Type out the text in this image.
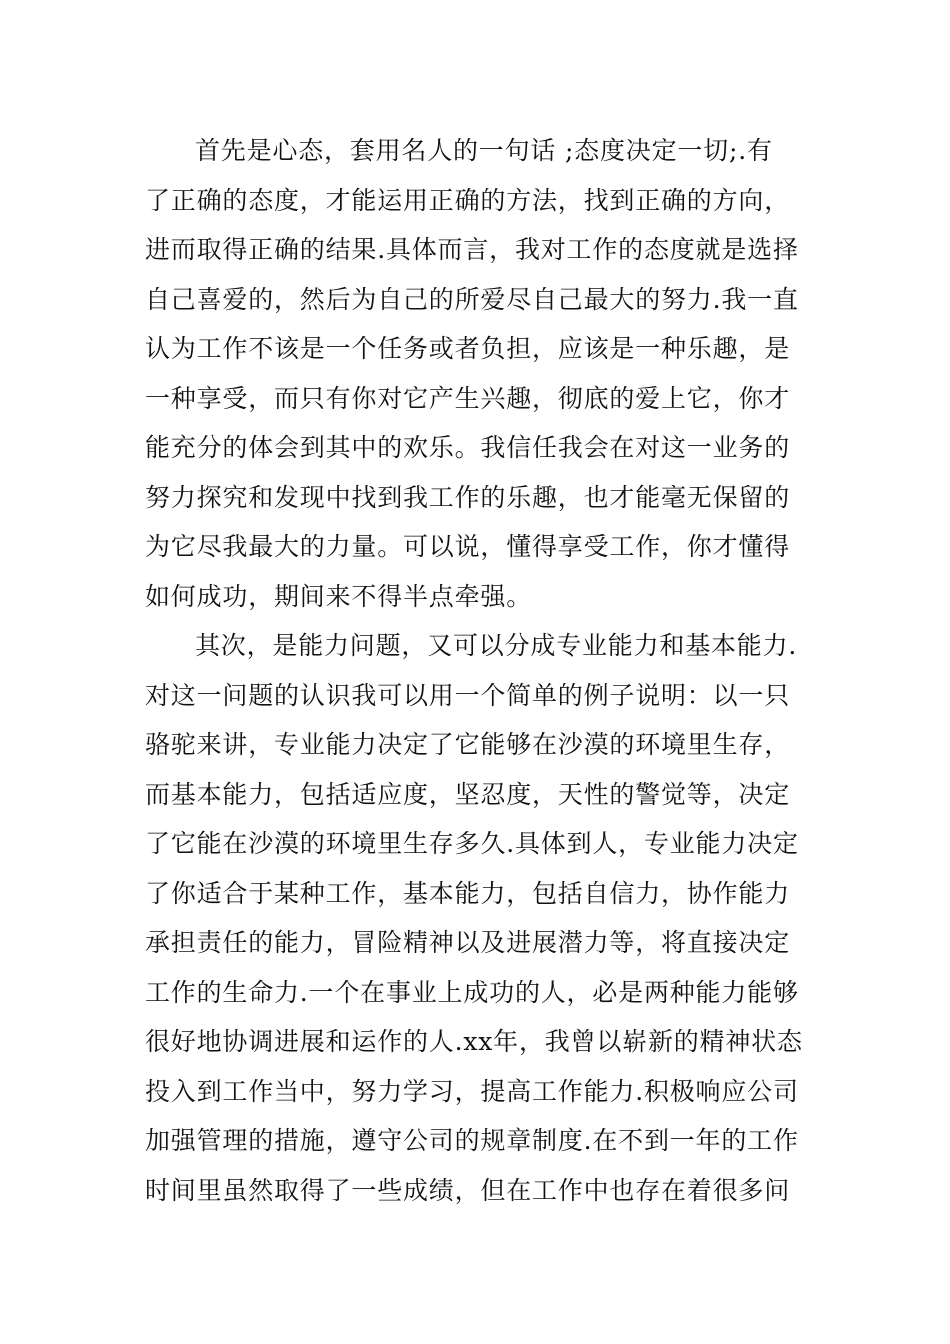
首先是心态，套用名人的一句话 ;态度决定一切;.有
了正确的态度，才能运用正确的方法，找到正确的方向，
进而取得正确的结果.具体而言，我对工作的态度就是选择
自己喜爱的，然后为自己的所爱尽自己最大的努力.我一直
认为工作不该是一个任务或者负担，应该是一种乐趣，是
一种享受，而只有你对它产生兴趣，彻底的爱上它，你才
能充分的体会到其中的欢乐。我信任我会在对这一业务的
努力探究和发现中找到我工作的乐趣，也才能毫无保留的
为它尽我最大的力量。可以说，懂得享受工作，你才懂得
如何成功，期间来不得半点牵强。
其次，是能力问题，又可以分成专业能力和基本能力.
对这一问题的认识我可以用一个简单的例子说明：以一只
骆驼来讲，专业能力决定了它能够在沙漠的环境里生存，
而基本能力，包括适应度，坚忍度，天性的警觉等，决定
了它能在沙漠的环境里生存多久.具体到人，专业能力决定
了你适合于某种工作，基本能力，包括自信力，协作能力
承担责任的能力，冒险精神以及进展潜力等，将直接决定
工作的生命力.一个在事业上成功的人，必是两种能力能够
很好地协调进展和运作的人.xx年，我曾以崭新的精神状态
投入到工作当中，努力学习，提高工作能力.积极响应公司
加强管理的措施，遵守公司的规章制度.在不到一年的工作
时间里虽然取得了一些成绩，但在工作中也存在着很多问
